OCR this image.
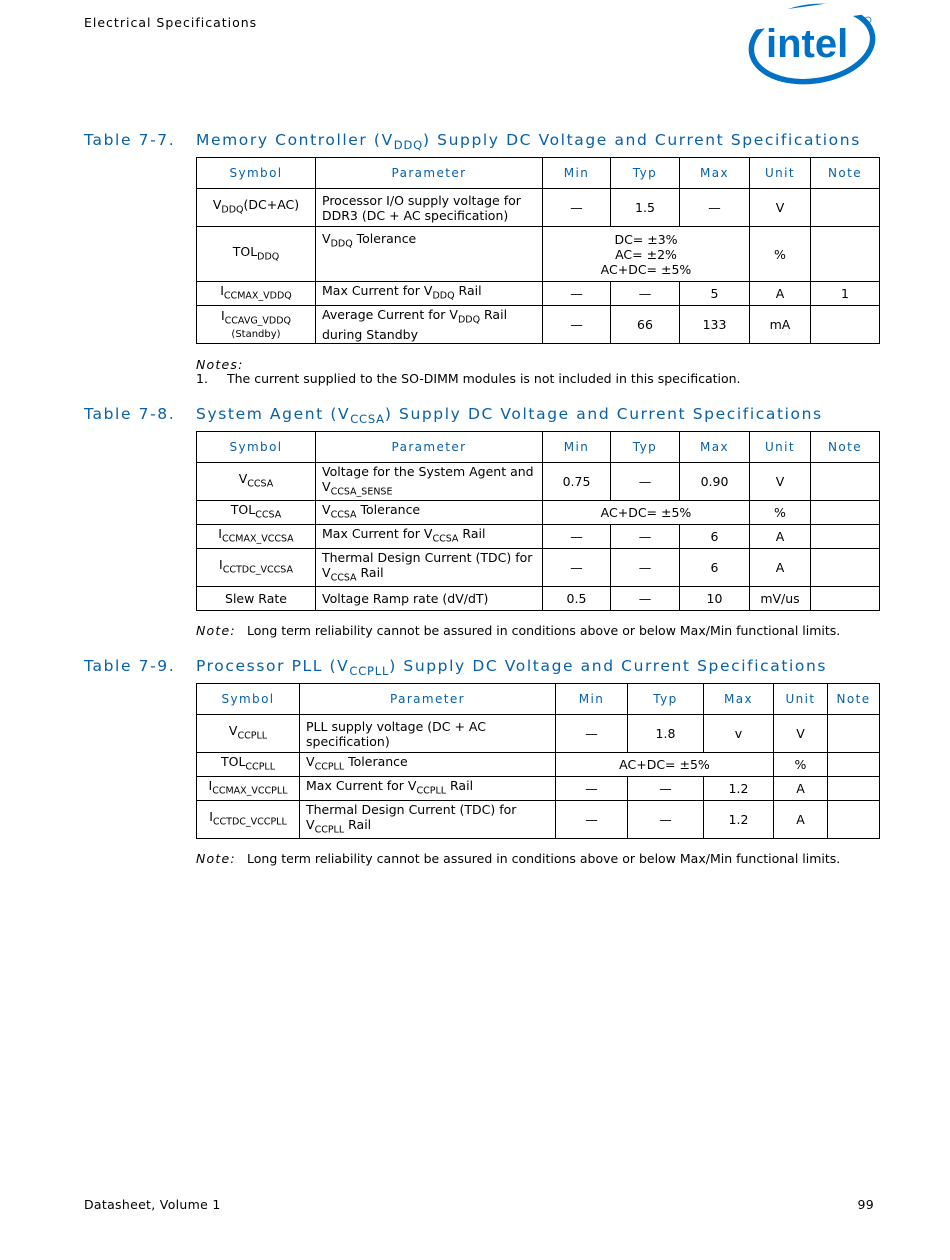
Electrical Specifications	intel
Table 7-7. Memory Controller $(V_{DDQ})$ Supply DC Voltage and Current Specifications
Symbol	Parameter	Min	Typ	Max	Unit	Note
$V_{DDQ}(DC+AC)$	Processor I/O supply voltage for DDR3 (DC + AC specification)	—	1.5	—	V	
$TOL_{DDQ}$	$V_{DDQ}$ Tolerance	DC= ±3%
AC= ±2%
AC+DC= ±5%			%	
$I_{CCMAX\_VDDQ}$	Max Current for $V_{DDQ}$ Rail	—	—	5	A	1
$I_{CCAVG\_VDDQ}$
(Standby)	Average Current for $V_{DDQ}$ Rail during Standby	—	66	133	mA	
Notes:
1. The current supplied to the SO-DIMM modules is not included in this specification.
Table 7-8. System Agent $(V_{CCSA})$ Supply DC Voltage and Current Specifications
Symbol	Parameter	Min	Typ	Max	Unit	Note
$V_{CCSA}$	Voltage for the System Agent and $V_{CCSA\_SENSE}$	0.75	—	0.90	V	
$TOL_{CCSA}$	$V_{CCSA}$ Tolerance	AC+DC= ±5%			%	
$I_{CCMAX\_VCCSA}$	Max Current for $V_{CCSA}$ Rail	—	—	6	A	
$I_{CCTDC\_VCCSA}$	Thermal Design Current (TDC) for $V_{CCSA}$ Rail	—	—	6	A	
Slew Rate	Voltage Ramp rate (dV/dT)	0.5	—	10	mV/us	
Note: Long term reliability cannot be assured in conditions above or below Max/Min functional limits.
Table 7-9. Processor PLL $(V_{CCPLL})$ Supply DC Voltage and Current Specifications
Symbol	Parameter	Min	Typ	Max	Unit	Note
$V_{CCPLL}$	PLL supply voltage (DC + AC specification)	—	1.8	v	V	
$TOL_{CCPLL}$	$V_{CCPLL}$ Tolerance	AC+DC= ±5%			%	
$I_{CCMAX\_VCCPLL}$	Max Current for $V_{CCPLL}$ Rail	—	—	1.2	A	
$I_{CCTDC\_VCCPLL}$	Thermal Design Current (TDC) for $V_{CCPLL}$ Rail	—	—	1.2	A	
Note: Long term reliability cannot be assured in conditions above or below Max/Min functional limits.
Datasheet, Volume 1	99
